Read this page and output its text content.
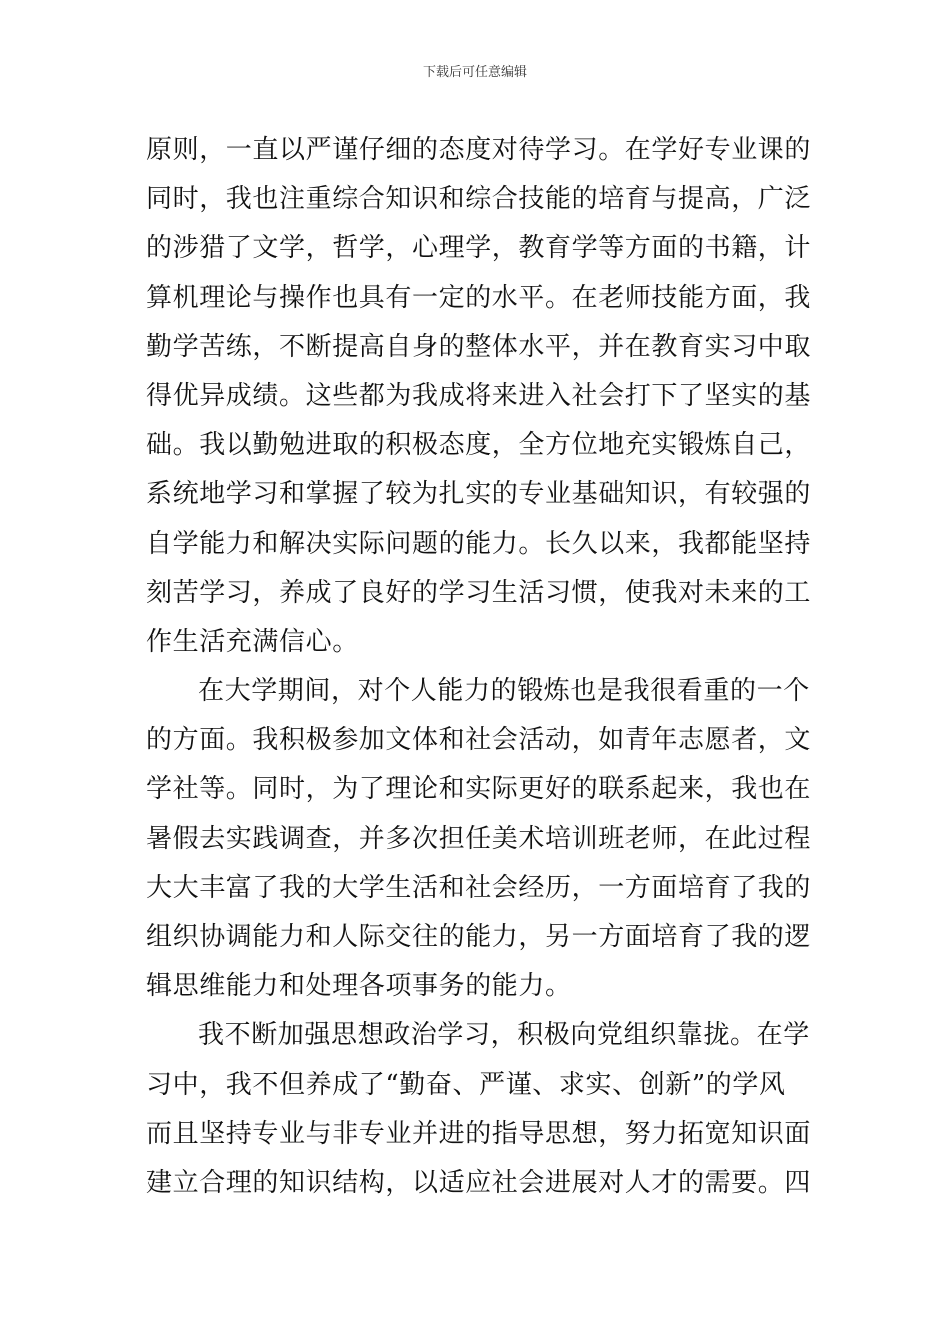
下载后可任意编辑
原则，一直以严谨仔细的态度对待学习。在学好专业课的
同时，我也注重综合知识和综合技能的培育与提高，广泛
的涉猎了文学，哲学，心理学，教育学等方面的书籍，计
算机理论与操作也具有一定的水平。在老师技能方面，我
勤学苦练，不断提高自身的整体水平，并在教育实习中取
得优异成绩。这些都为我成将来进入社会打下了坚实的基
础。我以勤勉进取的积极态度，全方位地充实锻炼自己，
系统地学习和掌握了较为扎实的专业基础知识，有较强的
自学能力和解决实际问题的能力。长久以来，我都能坚持
刻苦学习，养成了良好的学习生活习惯，使我对未来的工
作生活充满信心。
在大学期间，对个人能力的锻炼也是我很看重的一个
的方面。我积极参加文体和社会活动，如青年志愿者，文
学社等。同时，为了理论和实际更好的联系起来，我也在
暑假去实践调查，并多次担任美术培训班老师，在此过程
大大丰富了我的大学生活和社会经历，一方面培育了我的
组织协调能力和人际交往的能力，另一方面培育了我的逻
辑思维能力和处理各项事务的能力。
我不断加强思想政治学习，积极向党组织靠拢。在学
习中，我不但养成了“勤奋、严谨、求实、创新”的学风
而且坚持专业与非专业并进的指导思想，努力拓宽知识面
建立合理的知识结构，以适应社会进展对人才的需要。四
